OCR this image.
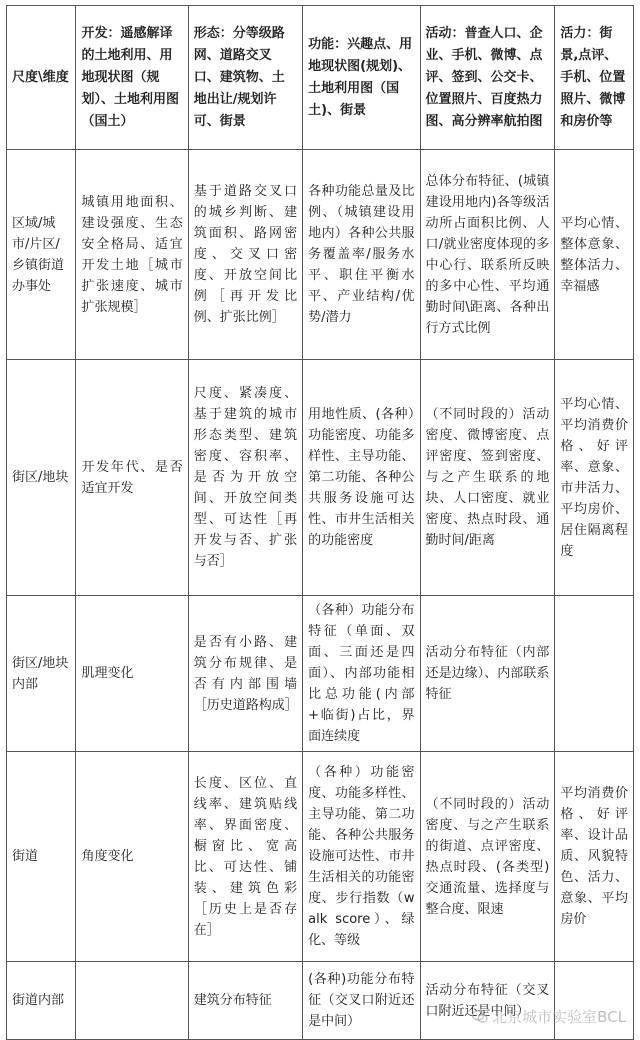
尺度\维度	开发：遥感解译的土地利用、用地现状图（规划）、土地利用图（国土）	形态：分等级路网、道路交叉口、建筑物、土地出让/规划许可、街景	功能：兴趣点、用地现状图(规划)、土地利用图（国土)、街景	活动：普查人口、企业、手机、微博、点评、签到、公交卡、位置照片、百度热力图、高分辨率航拍图	活力：街景,点评、手机、位置照片、微博和房价等
区域/城市/片区/乡镇街道办事处	城镇用地面积、建设强度、生态安全格局、适宜开发土地［城市扩张速度、城市扩张规模］	基于道路交叉口的城乡判断、建筑面积、路网密度、交叉口密度、开放空间比例［再开发比例、扩张比例］	各种功能总量及比例、（城镇建设用地内）各种公共服务覆盖率/服务水平、职住平衡水平、产业结构/优势/潜力	总体分布特征、(城镇建设用地内)各等级活动所占面积比例、人口/就业密度体现的多中心行、联系所反映的多中心性、平均通勤时间\距离、各种出行方式比例	平均心情、整体意象、整体活力、幸福感
街区/地块	开发年代、是否适宜开发	尺度、紧凑度、基于建筑的城市形态类型、建筑密度、容积率、是否为开放空间、开放空间类型、可达性［再开发与否、扩张与否］	用地性质、(各种）功能密度、功能多样性、主导功能、第二功能、各种公共服务设施可达性、市井生活相关的功能密度	（不同时段的）活动密度、微博密度、点评密度、签到密度、与之产生联系的地块、人口密度、就业密度、热点时段、通勤时间/距离	平均心情、平均消费价格、好评率、意象、市井活力、平均房价、居住隔离程度
街区/地块内部	肌理变化	是否有小路、建筑分布规律、是否有内部围墙［历史道路构成］	（各种）功能分布特征（单面、双面、三面还是四面）、内部功能相比总功能(内部+临街)占比，界面连续度	活动分布特征（内部还是边缘）、内部联系特征	
街道	角度变化	长度、区位、直线率、建筑贴线率、界面密度、橱窗比、宽高比、可达性、铺装、建筑色彩［历史上是否存在］	（各种）功能密度、功能多样性、主导功能、第二功能、各种公共服务设施可达性、市井生活相关的功能密度、步行指数（walk score）、绿化、等级	（不同时段的）活动密度、与之产生联系的街道、点评密度、热点时段、(各类型)交通流量、选择度与整合度、限速	平均消费价格、好评率、设计品质、风貌特色、活力、意象、平均房价
街道内部		建筑分布特征	(各种)功能分布特征（交叉口附近还是中间）	活动分布特征（交叉口附近还是中间）	
北京城市实验室BCL
